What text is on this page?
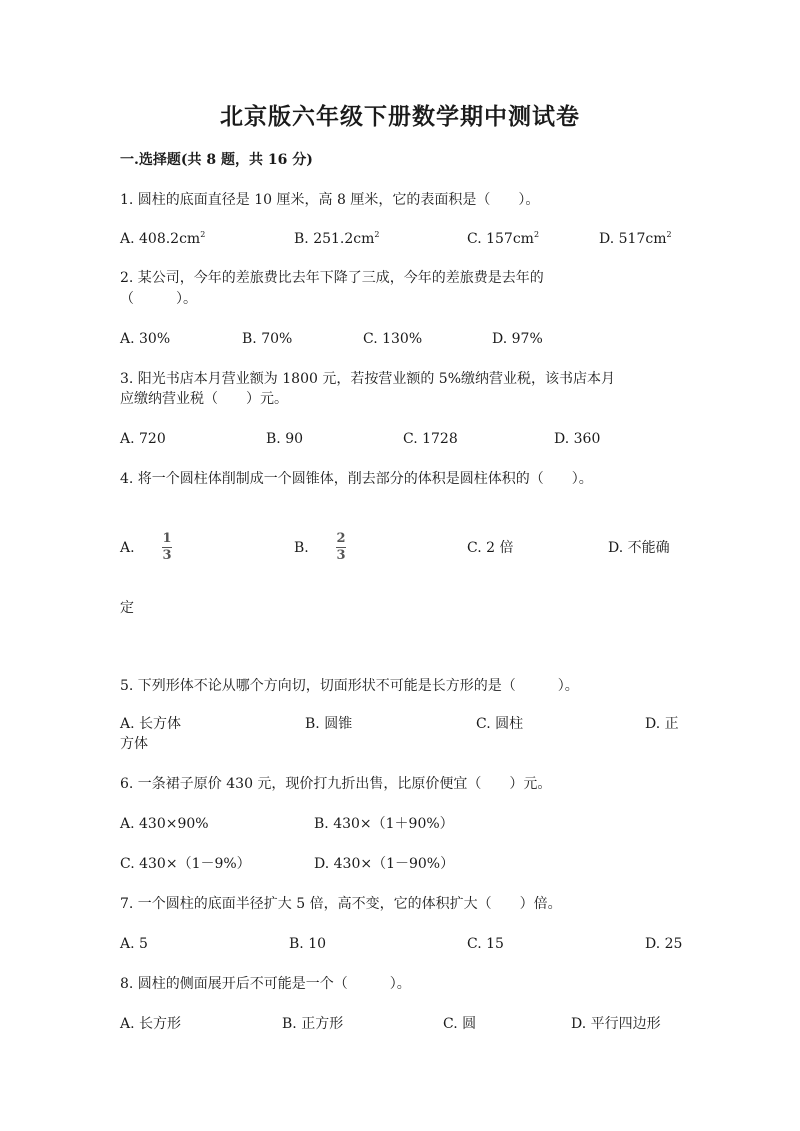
北京版六年级下册数学期中测试卷
一.选择题(共 8 题，共 16 分)
1. 圆柱的底面直径是 10 厘米，高 8 厘米，它的表面积是（　　）。
A. $408.2cm^2$	B. $251.2cm^2$	C. $157cm^2$	D. $517cm^2$
2. 某公司，今年的差旅费比去年下降了三成，今年的差旅费是去年的
（　　　）。
A. 30%	B. 70%	C. 130%	D. 97%
3. 阳光书店本月营业额为 1800 元，若按营业额的 5%缴纳营业税，该书店本月
应缴纳营业税（　　）元。
A. 720	B. 90	C. 1728	D. 360
4. 将一个圆柱体削制成一个圆锥体，削去部分的体积是圆柱体积的（　　）。
A.
1
3	B.
2
3	C. 2 倍	D. 不能确
定
5. 下列形体不论从哪个方向切，切面形状不可能是长方形的是（　　　）。
A. 长方体	B. 圆锥	C. 圆柱	D. 正
方体
6. 一条裙子原价 430 元，现价打九折出售，比原价便宜（　　）元。
A. 430×90%	B. 430×（1＋90%）
C. 430×（1－9%）	D. 430×（1－90%）
7. 一个圆柱的底面半径扩大 5 倍，高不变，它的体积扩大（　　）倍。
A. 5	B. 10	C. 15	D. 25
8. 圆柱的侧面展开后不可能是一个（　　　）。
A. 长方形	B. 正方形	C. 圆	D. 平行四边形
